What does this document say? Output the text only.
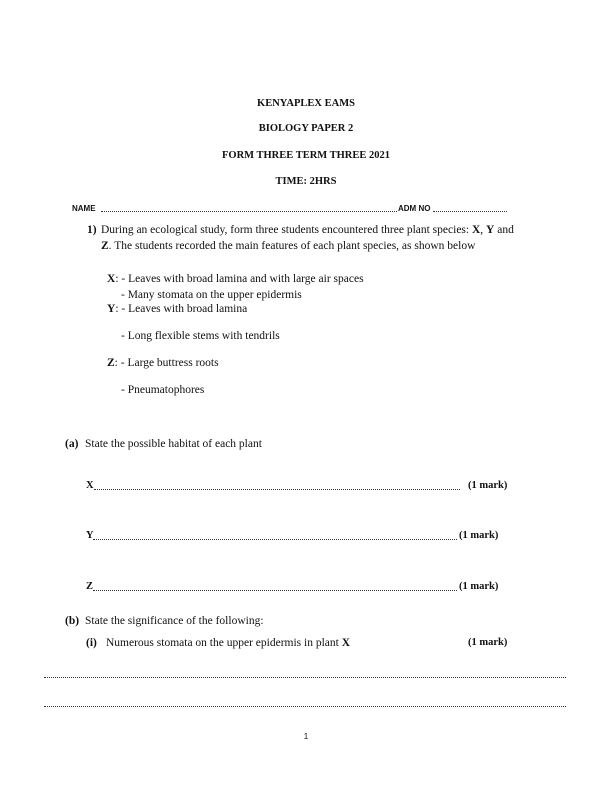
KENYAPLEX EAMS
BIOLOGY PAPER 2
FORM THREE TERM THREE 2021
TIME: 2HRS
NAME	ADM NO
1) During an ecological study, form three students encountered three plant species: X, Y and
Z. The students recorded the main features of each plant species, as shown below
X: - Leaves with broad lamina and with large air spaces
- Many stomata on the upper epidermis
Y: - Leaves with broad lamina
- Long flexible stems with tendrils
Z: - Large buttress roots
- Pneumatophores
(a) State the possible habitat of each plant
X	(1 mark)
Y	(1 mark)
Z	(1 mark)
(b) State the significance of the following:
(i) Numerous stomata on the upper epidermis in plant X	(1 mark)
1
